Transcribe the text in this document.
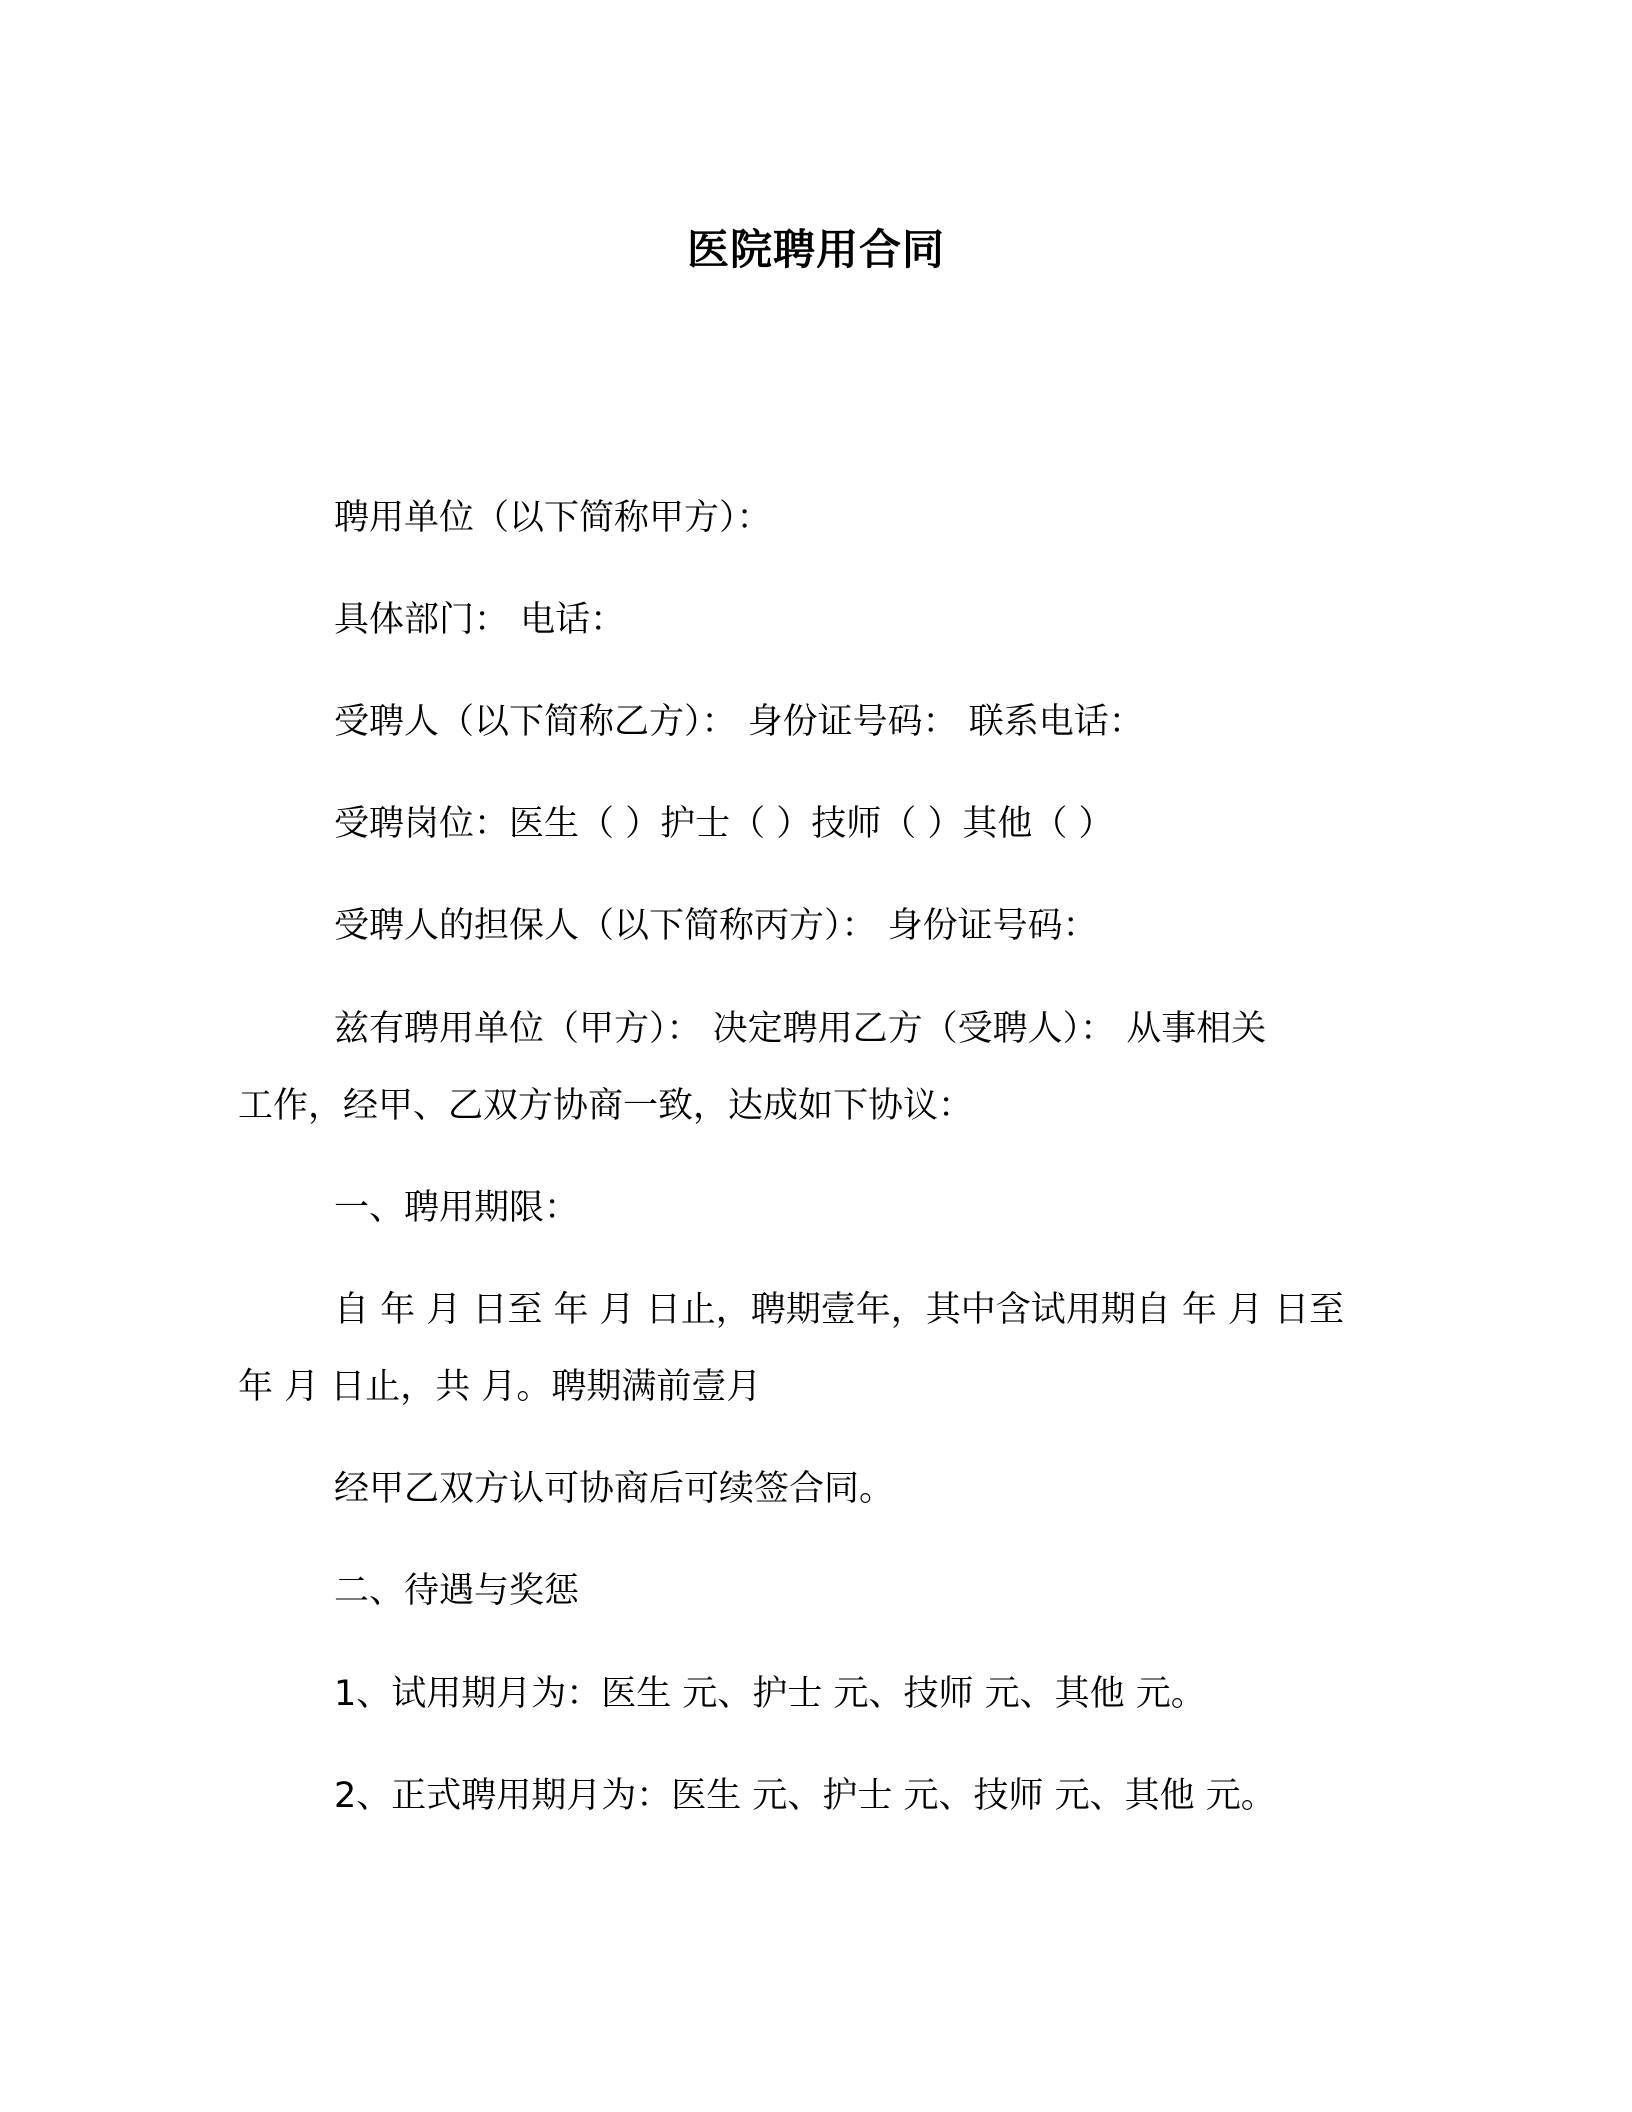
医院聘用合同
聘用单位（以下简称甲方）：
具体部门： 电话：
受聘人（以下简称乙方）： 身份证号码： 联系电话：
受聘岗位：医生（ ）护士（ ）技师（ ）其他（ ）
受聘人的担保人（以下简称丙方）： 身份证号码：
兹有聘用单位（甲方）： 决定聘用乙方（受聘人）： 从事相关
工作，经甲、乙双方协商一致，达成如下协议：
一、聘用期限：
自 年 月 日至 年 月 日止，聘期壹年，其中含试用期自 年 月 日至
年 月 日止，共 月。聘期满前壹月
经甲乙双方认可协商后可续签合同。
二、待遇与奖惩
1、试用期月为：医生 元、护士 元、技师 元、其他 元。
2、正式聘用期月为：医生 元、护士 元、技师 元、其他 元。
